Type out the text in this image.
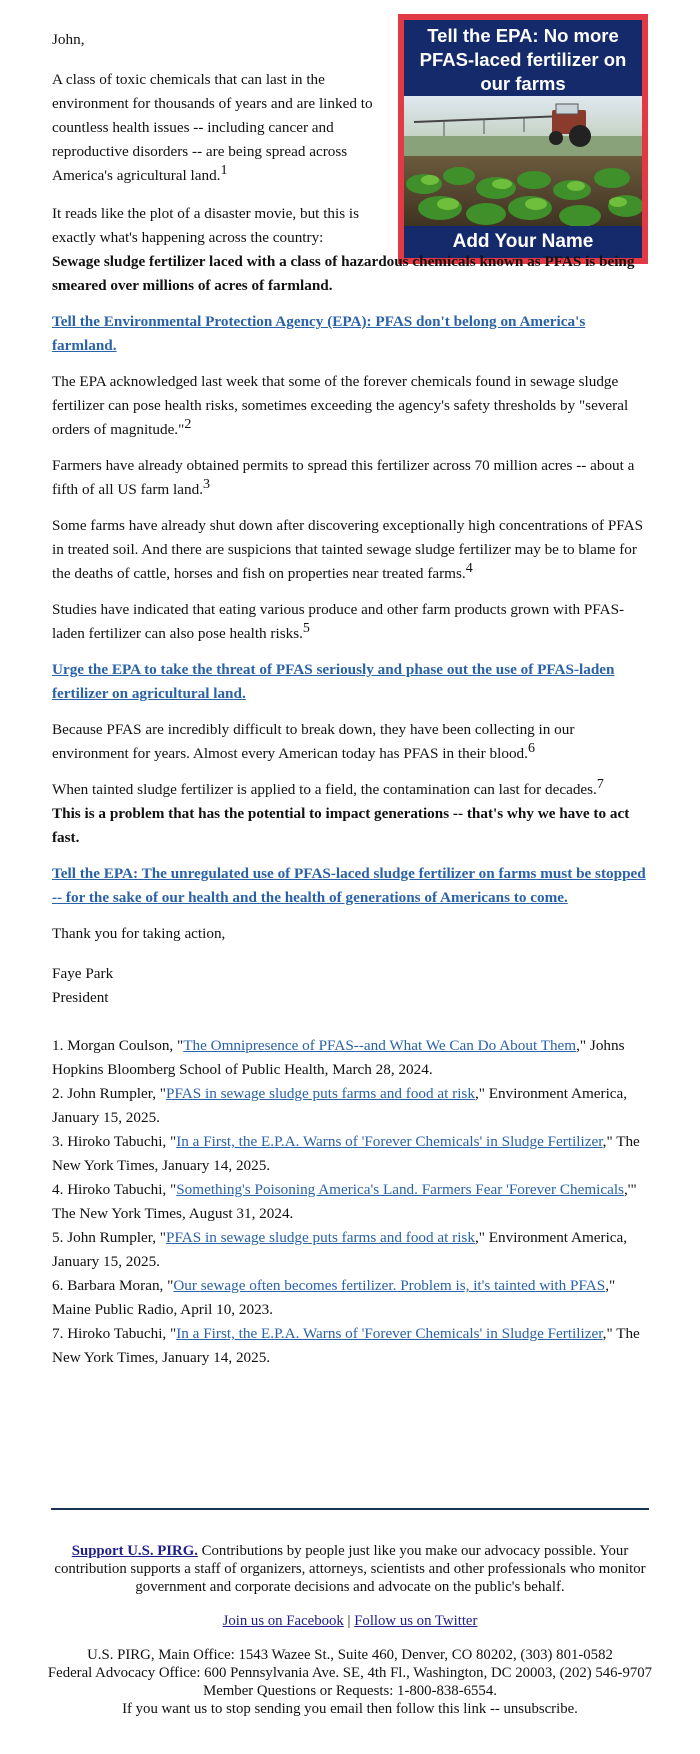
Tell the EPA: No more PFAS-laced fertilizer on our farms
Add Your Name

John,

A class of toxic chemicals that can last in the environment for thousands of years and are linked to countless health issues -- including cancer and reproductive disorders -- are being spread across America's agricultural land.$^1$

It reads like the plot of a disaster movie, but this is exactly what's happening across the country:
Sewage sludge fertilizer laced with a class of hazardous chemicals known as PFAS is being smeared over millions of acres of farmland.

Tell the Environmental Protection Agency (EPA): PFAS don't belong on America's farmland.

The EPA acknowledged last week that some of the forever chemicals found in sewage sludge fertilizer can pose health risks, sometimes exceeding the agency's safety thresholds by "several orders of magnitude."$^2$

Farmers have already obtained permits to spread this fertilizer across 70 million acres -- about a fifth of all US farm land.$^3$

Some farms have already shut down after discovering exceptionally high concentrations of PFAS in treated soil. And there are suspicions that tainted sewage sludge fertilizer may be to blame for the deaths of cattle, horses and fish on properties near treated farms.$^4$

Studies have indicated that eating various produce and other farm products grown with PFAS-laden fertilizer can also pose health risks.$^5$

Urge the EPA to take the threat of PFAS seriously and phase out the use of PFAS-laden fertilizer on agricultural land.

Because PFAS are incredibly difficult to break down, they have been collecting in our environment for years. Almost every American today has PFAS in their blood.$^6$

When tainted sludge fertilizer is applied to a field, the contamination can last for decades.$^7$
This is a problem that has the potential to impact generations -- that's why we have to act fast.

Tell the EPA: The unregulated use of PFAS-laced sludge fertilizer on farms must be stopped -- for the sake of our health and the health of generations of Americans to come.

Thank you for taking action,

Faye Park
President

1. Morgan Coulson, "The Omnipresence of PFAS--and What We Can Do About Them," Johns Hopkins Bloomberg School of Public Health, March 28, 2024.
2. John Rumpler, "PFAS in sewage sludge puts farms and food at risk," Environment America, January 15, 2025.
3. Hiroko Tabuchi, "In a First, the E.P.A. Warns of 'Forever Chemicals' in Sludge Fertilizer," The New York Times, January 14, 2025.
4. Hiroko Tabuchi, "Something's Poisoning America's Land. Farmers Fear 'Forever Chemicals,'" The New York Times, August 31, 2024.
5. John Rumpler, "PFAS in sewage sludge puts farms and food at risk," Environment America, January 15, 2025.
6. Barbara Moran, "Our sewage often becomes fertilizer. Problem is, it's tainted with PFAS," Maine Public Radio, April 10, 2023.
7. Hiroko Tabuchi, "In a First, the E.P.A. Warns of 'Forever Chemicals' in Sludge Fertilizer," The New York Times, January 14, 2025.

Support U.S. PIRG. Contributions by people just like you make our advocacy possible. Your contribution supports a staff of organizers, attorneys, scientists and other professionals who monitor government and corporate decisions and advocate on the public's behalf.

Join us on Facebook | Follow us on Twitter

U.S. PIRG, Main Office: 1543 Wazee St., Suite 460, Denver, CO 80202, (303) 801-0582

Federal Advocacy Office: 600 Pennsylvania Ave. SE, 4th Fl., Washington, DC 20003, (202) 546-9707

Member Questions or Requests: 1-800-838-6554.

If you want us to stop sending you email then follow this link -- unsubscribe.
